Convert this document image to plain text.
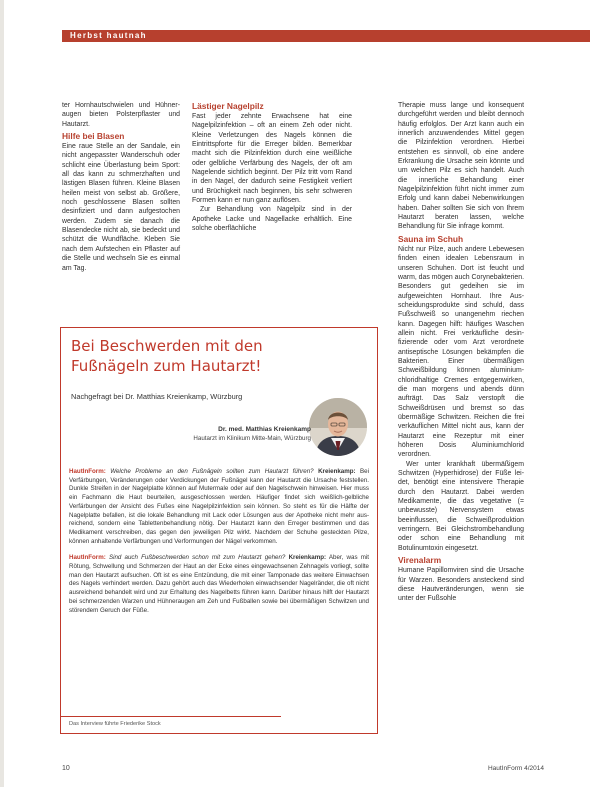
Herbst hautnah

ter Hornhautschwielen und Hühneraugen bieten Polsterpflaster und Hautarzt.

Hilfe bei Blasen

Eine raue Stelle an der Sandale, ein nicht angepasster Wanderschuh oder schlicht eine Überlastung beim Sport: all das kann zu schmerzhaften und lästigen Blasen führen. Kleine Blasen heilen meist von selbst ab. Größere, noch geschlossene Blasen sollten desinfiziert und dann aufgestochen werden. Zudem sie danach die Blasendecke nicht ab, sie bedeckt und schützt die Wundfläche. Kleben Sie nach dem Aufstechen ein Pflaster auf die Stelle und wechseln Sie es einmal am Tag.

Lästiger Nagelpilz

Fast jeder zehnte Erwachsene hat eine Nagelpilzinfektion – oft an einem Zeh oder nicht. Kleine Verletzungen des Nagels können die Eintrittspforte für die Erreger bilden. Bemerkbar macht sich die Pilzinfektion durch eine weißliche oder gelbliche Verfärbung des Nagels, der oft am Nagelende sichtlich beginnt. Der Pilz tritt vom Rand in den Nagel, der dadurch seine Festigkeit verliert und Brüchigkeit nach beginnen, bis sehr schweren Formen kann er nun ganz auflösen.

Zur Behandlung von Nagelpilz sind in der Apotheke Lacke und Nagellacke erhältlich. Eine solche oberflächliche

Therapie muss lange und konsequent durchgeführt werden und bleibt dennoch häufig erfolglos. Der Arzt kann auch ein innerlich anzuwendendes Mittel gegen die Pilzinfektion verordnen. Hierbei entstehen es sinnvoll, ob eine andere Erkrankung die Ursache sein könnte und um welchen Pilz es sich handelt. Auch die innerliche Behandlung einer Nagelpilzinfektion führt nicht immer zum Erfolg und kann dabei Nebenwirkungen haben. Daher sollten Sie sich von Ihrem Hautarzt beraten lassen, welche Behandlung für Sie infrage kommt.

Sauna im Schuh

Nicht nur Pilze, auch andere Lebewesen finden einen idealen Lebensraum in unseren Schuhen. Dort ist feucht und warm, das mögen auch Corynebakterien. Besonders gut gedeihen sie im aufgeweichten Hornhaut. Ihre Ausscheidungsprodukte sind schuld, dass Fußschweiß so unangenehm riechen kann. Dagegen hilft: häufiges Waschen allein nicht. Frei verkäufliche desinfizierende oder vom Arzt verordnete antiseptische Lösungen bekämpfen die Bakterien. Einer übermäßigen Schweißbildung können aluminiumchloridhaltige Cremes entgegenwirken, die man morgens und abends dünn aufträgt. Das Salz verstopft die Schweißdrüsen und bremst so das übermäßige Schwitzen. Reichen die frei verkäuflichen Mittel nicht aus, kann der Hautarzt eine Rezeptur mit einer höheren Dosis Aluminiumchlorid verordnen.

Wer unter krankhaft übermäßigem Schwitzen (Hyperhidrose) der Füße leidet, benötigt eine intensivere Therapie durch den Hautarzt. Dabei werden Medikamente, die das vegetative (= unbewusste) Nervensystem etwas beeinflussen, die Schweißproduktion verringern. Bei Gleichstrombehandlung oder schon eine Behandlung mit Botulinumtoxin eingesetzt.

Virenalarm

Humane Papillomviren sind die Ursache für Warzen. Besonders ansteckend sind diese Hautveränderungen, wenn sie unter der Fußsohle

Bei Beschwerden mit den Fußnägeln zum Hautarzt!
Nachgefragt bei Dr. Matthias Kreienkamp, Würzburg
Dr. med. Matthias Kreienkamp
Hautarzt im Klinikum Mitte-Main, Würzburg

HautInForm: Welche Probleme an den Fußnägeln sollten zum Hautarzt führen? Kreienkamp: Bei Verfärbungen, Veränderungen oder Verdickungen der Fußnägel kann der Hautarzt die Ursache feststellen. Dunkle Streifen in der Nagelplatte können auf Mutermale oder auf den Nagelschwein hinweisen. Hier muss ein Fachmann die Haut beurteilen, ausgeschlossen werden. Häufiger findet sich weißlich-gelbliche Verfärbungen der Ansicht des Fußes eine Nagelpilzinfektion sein können. So steht es für die Hälfte der Nagelplatte befallen, ist die lokale Behandlung mit Lack oder Lösungen aus der Apotheke nicht mehr ausreichend, sondern eine Tablettenbehandlung nötig. Der Hautarzt kann den Erreger bestimmen und das Medikament verschreiben, das gegen den jeweiligen Pilz wirkt. Nachdem der Schuhe gesteckten Pilze, können anhaltende Verfärbungen und Verformungen der Nägel verkommen.

HautInForm: Sind auch Fußbeschwerden schon mit zum Hautarzt gehen? Kreienkamp: Aber, was mit Rötung, Schwellung und Schmerzen der Haut an der Ecke eines eingewachsenen Zehnagels vorliegt, sollte man den Hautarzt aufsuchen. Oft ist es eine Entzündung, die mit einer Tamponade das weitere Einwachsen des Nagels verhindert werden. Dazu gehört auch das Wiederholen einwachsender Nagelränder, die oft nicht ausreichend behandelt wird und zur Erhaltung des Nagelbetts führen kann. Darüber hinaus hilft der Hautarzt bei schmerzenden Warzen und Hühneraugen am Zeh und Fußballen sowie bei übermäßigen Schwitzen und störendem Geruch der Füße.

Das Interview führte Friederike Stock
10	HautInForm 4/2014
